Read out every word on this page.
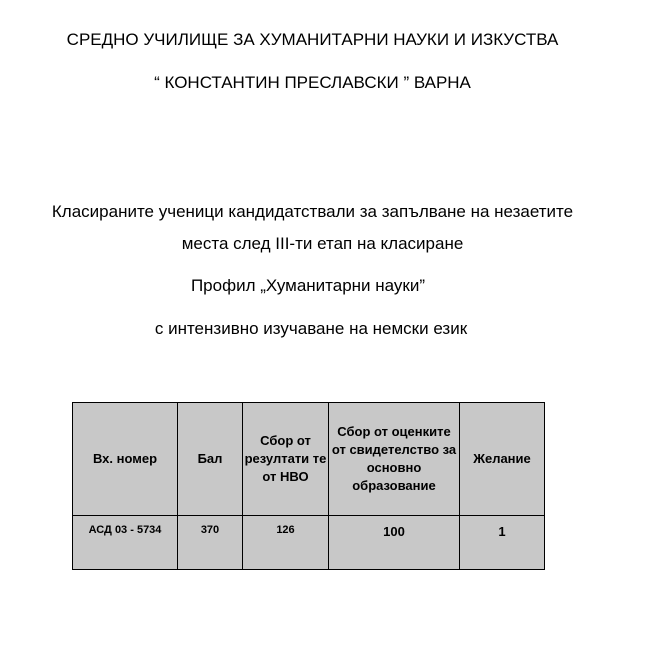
СРЕДНО УЧИЛИЩЕ ЗА ХУМАНИТАРНИ НАУКИ И ИЗКУСТВА
“ КОНСТАНТИН ПРЕСЛАВСКИ ” ВАРНА
Класираните ученици кандидатствали за запълване на незаетите
места след III-ти етап на класиране
Профил „Хуманитарни науки”
с интензивно изучаване на немски език
Вх. номер	Бал	Сбор от резултати те от НВО	Сбор от оценките от свидетелство за основно образование	Желание
АСД 03 - 5734	370	126	100	1
